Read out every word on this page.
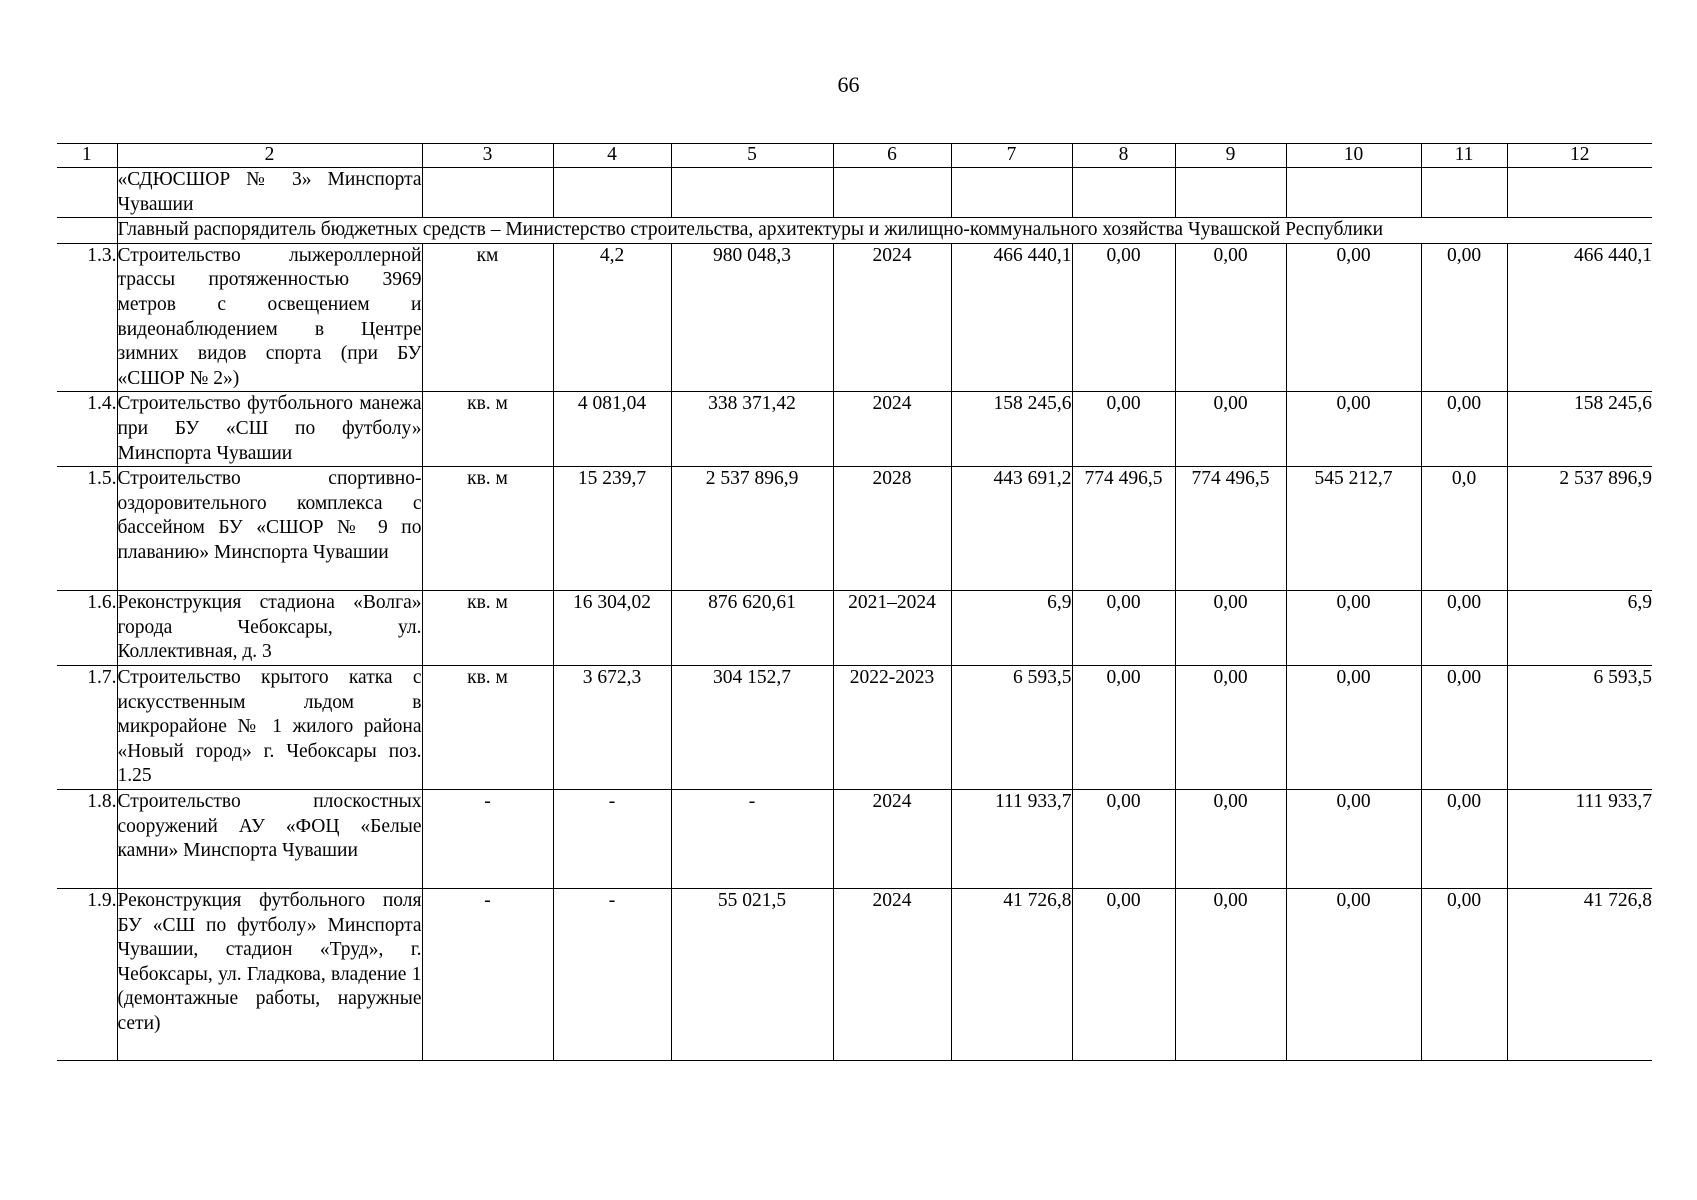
66
1	2	3	4	5	6	7	8	9	10	11	12
	«СДЮСШОР № 3» Минспорта Чувашии										
	Главный распорядитель бюджетных средств – Министерство строительства, архитектуры и жилищно-коммунального хозяйства Чувашской Республики										
1.3.	Строительство лыжероллерной трассы протяженностью 3969 метров с освещением и видеонаблюдением в Центре зимних видов спорта (при БУ «СШОР № 2»)	км	4,2	980 048,3	2024	466 440,1	0,00	0,00	0,00	0,00	466 440,1
1.4.	Строительство футбольного манежа при БУ «СШ по футболу» Минспорта Чувашии	кв. м	4 081,04	338 371,42	2024	158 245,6	0,00	0,00	0,00	0,00	158 245,6
1.5.	Строительство спортивно-оздоровительного комплекса с бассейном БУ «СШОР № 9 по плаванию» Минспорта Чувашии	кв. м	15 239,7	2 537 896,9	2028	443 691,2	774 496,5	774 496,5	545 212,7	0,0	2 537 896,9
1.6.	Реконструкция стадиона «Волга» города Чебоксары, ул. Коллективная, д. 3	кв. м	16 304,02	876 620,61	2021–2024	6,9	0,00	0,00	0,00	0,00	6,9
1.7.	Строительство крытого катка с искусственным льдом в микрорайоне № 1 жилого района «Новый город» г. Чебоксары поз. 1.25	кв. м	3 672,3	304 152,7	2022-2023	6 593,5	0,00	0,00	0,00	0,00	6 593,5
1.8.	Строительство плоскостных сооружений АУ «ФОЦ «Белые камни» Минспорта Чувашии	-	-	-	2024	111 933,7	0,00	0,00	0,00	0,00	111 933,7
1.9.	Реконструкция футбольного поля БУ «СШ по футболу» Минспорта Чувашии, стадион «Труд», г. Чебоксары, ул. Гладкова, владение 1 (демонтажные работы, наружные сети)	-	-	55 021,5	2024	41 726,8	0,00	0,00	0,00	0,00	41 726,8
